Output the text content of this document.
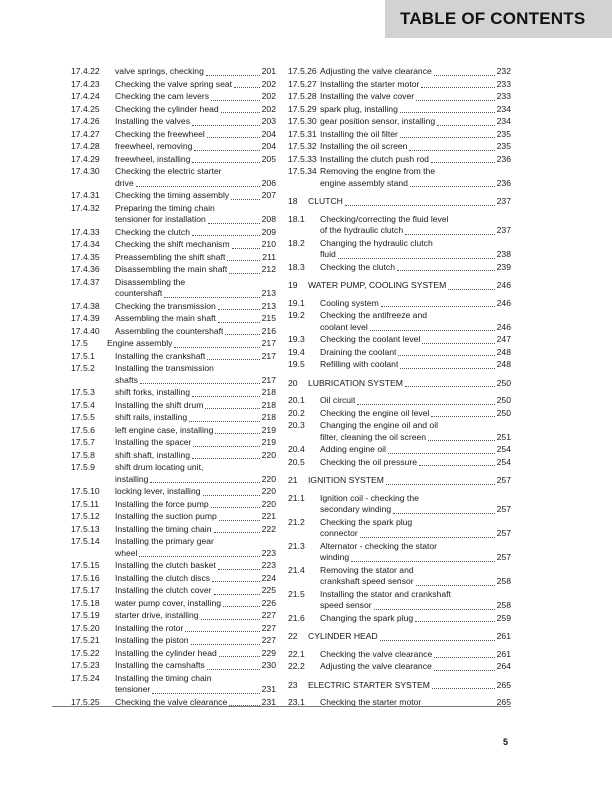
TABLE OF CONTENTS
17.4.22	valve springs, checking	201
17.4.23	Checking the valve spring seat	202
17.4.24	Checking the cam levers	202
17.4.25	Checking the cylinder head	202
17.4.26	Installing the valves	203
17.4.27	Checking the freewheel	204
17.4.28	freewheel, removing	204
17.4.29	freewheel, installing	205
17.4.30	Checking the electric starter
drive	206
17.4.31	Checking the timing assembly	207
17.4.32	Preparing the timing chain
tensioner for installation	208
17.4.33	Checking the clutch	209
17.4.34	Checking the shift mechanism	210
17.4.35	Preassembling the shift shaft	211
17.4.36	Disassembling the main shaft	212
17.4.37	Disassembling the
countershaft	213
17.4.38	Checking the transmission	213
17.4.39	Assembling the main shaft	215
17.4.40	Assembling the countershaft	216
17.5	Engine assembly	217
17.5.1	Installing the crankshaft	217
17.5.2	Installing the transmission
shafts	217
17.5.3	shift forks, installing	218
17.5.4	Installing the shift drum	218
17.5.5	shift rails, installing	218
17.5.6	left engine case, installing	219
17.5.7	Installing the spacer	219
17.5.8	shift shaft, installing	220
17.5.9	shift drum locating unit,
installing	220
17.5.10	locking lever, installing	220
17.5.11	Installing the force pump	220
17.5.12	Installing the suction pump	221
17.5.13	Installing the timing chain	222
17.5.14	Installing the primary gear
wheel	223
17.5.15	Installing the clutch basket	223
17.5.16	Installing the clutch discs	224
17.5.17	Installing the clutch cover	225
17.5.18	water pump cover, installing	226
17.5.19	starter drive, installing	227
17.5.20	Installing the rotor	227
17.5.21	Installing the piston	227
17.5.22	Installing the cylinder head	229
17.5.23	Installing the camshafts	230
17.5.24	Installing the timing chain
tensioner	231
17.5.25	Checking the valve clearance	231
17.5.26 Adjusting the valve clearance	232
17.5.27 Installing the starter motor	233
17.5.28 Installing the valve cover	233
17.5.29 spark plug, installing	234
17.5.30 gear position sensor, installing	234
17.5.31 Installing the oil filter	235
17.5.32 Installing the oil screen	235
17.5.33 Installing the clutch push rod	236
17.5.34 Removing the engine from the
engine assembly stand	236
18	CLUTCH	237
18.1	Checking/correcting the fluid level
of the hydraulic clutch	237
18.2	Changing the hydraulic clutch
fluid	238
18.3	Checking the clutch	239
19	WATER PUMP, COOLING SYSTEM	246
19.1	Cooling system	246
19.2	Checking the antifreeze and
coolant level	246
19.3	Checking the coolant level	247
19.4	Draining the coolant	248
19.5	Refilling with coolant	248
20	LUBRICATION SYSTEM	250
20.1	Oil circuit	250
20.2	Checking the engine oil level	250
20.3	Changing the engine oil and oil
filter, cleaning the oil screen	251
20.4	Adding engine oil	254
20.5	Checking the oil pressure	254
21	IGNITION SYSTEM	257
21.1	Ignition coil - checking the
secondary winding	257
21.2	Checking the spark plug
connector	257
21.3	Alternator - checking the stator
winding	257
21.4	Removing the stator and
crankshaft speed sensor	258
21.5	Installing the stator and crankshaft
speed sensor	258
21.6	Changing the spark plug	259
22	CYLINDER HEAD	261
22.1	Checking the valve clearance	261
22.2	Adjusting the valve clearance	264
23	ELECTRIC STARTER SYSTEM	265
23.1	Checking the starter motor	265
5
